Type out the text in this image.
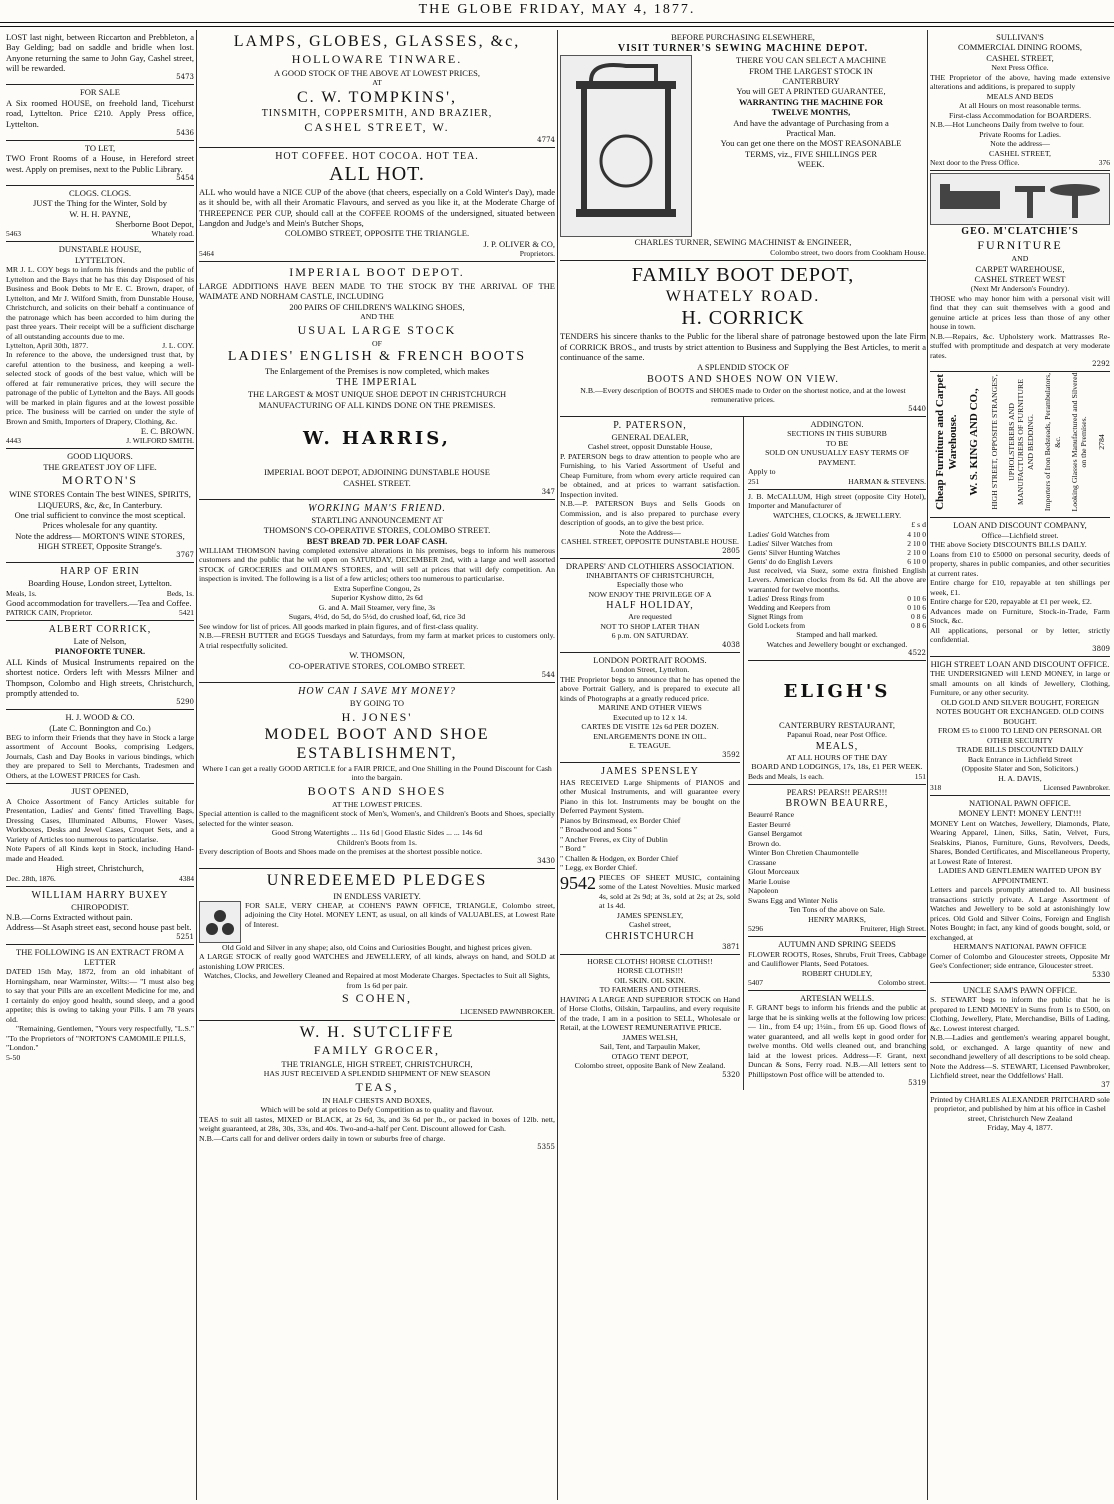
THE GLOBE FRIDAY, MAY 4, 1877.

LOST last night, between Riccarton and Prebbleton, a Bay Gelding; bad on saddle and bridle when lost. Anyone returning the same to John Gay, Cashel street, will be rewarded.

5473

FOR SALE

A Six roomed HOUSE, on freehold land, Ticehurst road, Lyttelton. Price £210. Apply Press office, Lyttelton.

5436

TO LET,

TWO Front Rooms of a House, in Hereford street west. Apply on premises, next to the Public Library.

5454

CLOGS. CLOGS.

JUST the Thing for the Winter, Sold by

W. H. H. PAYNE,

Sherborne Boot Depot,

5463	Whately road.

DUNSTABLE HOUSE,

LYTTELTON.

MR J. L. COY begs to inform his friends and the public of Lyttelton and the Bays that he has this day Disposed of his Business and Book Debts to Mr E. C. Brown, draper, of Lyttelton, and Mr J. Wilford Smith, from Dunstable House, Christchurch, and solicits on their behalf a continuance of the patronage which has been accorded to him during the past three years. Their receipt will be a sufficient discharge of all outstanding accounts due to me.

Lyttelton, April 30th, 1877.	J. L. COY.

In reference to the above, the undersigned trust that, by careful attention to the business, and keeping a well-selected stock of goods of the best value, which will be offered at fair remunerative prices, they will secure the patronage of the public of Lyttelton and the Bays. All goods will be marked in plain figures and at the lowest possible price. The business will be carried on under the style of Brown and Smith, Importers of Drapery, Clothing, &c.

E. C. BROWN.

4443	J. WILFORD SMITH.

GOOD LIQUORS.

THE GREATEST JOY OF LIFE.

MORTON'S

WINE STORES Contain The best WINES, SPIRITS, LIQUEURS, &c, &c, In Canterbury.

One trial sufficient to convince the most sceptical. Prices wholesale for any quantity.

Note the address— MORTON'S WINE STORES, HIGH STREET, Opposite Strange's.

3767

HARP OF ERIN

Boarding House, London street, Lyttelton.

Meals, 1s.	Beds, 1s.

Good accommodation for travellers.—Tea and Coffee.

PATRICK CAIN, Proprietor.	5421

ALBERT CORRICK,

Late of Nelson,

PIANOFORTE TUNER.

ALL Kinds of Musical Instruments repaired on the shortest notice. Orders left with Messrs Milner and Thompson, Colombo and High streets, Christchurch, promptly attended to.

5290

H. J. WOOD & CO.

(Late C. Bonnington and Co.)

BEG to inform their Friends that they have in Stock a large assortment of Account Books, comprising Ledgers, Journals, Cash and Day Books in various bindings, which they are prepared to Sell to Merchants, Tradesmen and Others, at the LOWEST PRICES for Cash.

JUST OPENED,

A Choice Assortment of Fancy Articles suitable for Presentation, Ladies' and Gents' fitted Travelling Bags, Dressing Cases, Illuminated Albums, Flower Vases, Workboxes, Desks and Jewel Cases, Croquet Sets, and a Variety of Articles too numerous to particularise.

Note Papers of all Kinds kept in Stock, including Hand-made and Headed.

High street, Christchurch,

Dec. 28th, 1876.	4384

WILLIAM HARRY BUXEY

CHIROPODIST.

N.B.—Corns Extracted without pain.

Address—St Asaph street east, second house past belt.

5251

THE FOLLOWING IS AN EXTRACT FROM A LETTER

DATED 15th May, 1872, from an old inhabitant of Horningsham, near Warminster, Wilts:— "I must also beg to say that your Pills are an excellent Medicine for me, and I certainly do enjoy good health, sound sleep, and a good appetite; this is owing to taking your Pills. I am 78 years old.

"Remaining, Gentlemen, "Yours very respectfully, "L.S."

"To the Proprietors of "NORTON'S CAMOMILE PILLS, "London."

5-50

LAMPS, GLOBES, GLASSES, &c,

HOLLOWARE TINWARE.

A GOOD STOCK OF THE ABOVE AT LOWEST PRICES,

AT

C. W. TOMPKINS',

TINSMITH, COPPERSMITH, AND BRAZIER,

CASHEL STREET, W.

4774

HOT COFFEE. HOT COCOA. HOT TEA.

ALL HOT.

ALL who would have a NICE CUP of the above (that cheers, especially on a Cold Winter's Day), made as it should be, with all their Aromatic Flavours, and served as you like it, at the Moderate Charge of THREEPENCE PER CUP, should call at the COFFEE ROOMS of the undersigned, situated between Langdon and Judge's and Mein's Butcher Shops,

COLOMBO STREET, OPPOSITE THE TRIANGLE.

J. P. OLIVER & CO,

5464	Proprietors.

IMPERIAL BOOT DEPOT.

LARGE ADDITIONS HAVE BEEN MADE TO THE STOCK BY THE ARRIVAL OF THE WAIMATE AND NORHAM CASTLE, INCLUDING

200 PAIRS OF CHILDREN'S WALKING SHOES,

AND THE

USUAL LARGE STOCK

OF

LADIES' ENGLISH & FRENCH BOOTS

The Enlargement of the Premises is now completed, which makes

THE IMPERIAL

THE LARGEST & MOST UNIQUE SHOE DEPOT IN CHRISTCHURCH

MANUFACTURING OF ALL KINDS DONE ON THE PREMISES.

W. HARRIS,

IMPERIAL BOOT DEPOT, ADJOINING DUNSTABLE HOUSE

CASHEL STREET.

347

WORKING MAN'S FRIEND.

STARTLING ANNOUNCEMENT AT

THOMSON'S CO-OPERATIVE STORES, COLOMBO STREET.

BEST BREAD 7D. PER LOAF CASH.

WILLIAM THOMSON having completed extensive alterations in his premises, begs to inform his numerous customers and the public that he will open on SATURDAY, DECEMBER 2nd, with a large and well assorted STOCK of GROCERIES and OILMAN'S STORES, and will sell at prices that will defy competition. An inspection is invited. The following is a list of a few articles; others too numerous to particularise.

Extra Superfine Congou, 2s

Superior Kyshow ditto, 2s 6d

G. and A. Mail Steamer, very fine, 3s

Sugars, 4½d, do 5d, do 5½d, do crushed loaf, 6d, rice 3d

See window for list of prices. All goods marked in plain figures, and of first-class quality.

N.B.—FRESH BUTTER and EGGS Tuesdays and Saturdays, from my farm at market prices to customers only. A trial respectfully solicited.

W. THOMSON,

CO-OPERATIVE STORES, COLOMBO STREET.

544

HOW CAN I SAVE MY MONEY?

BY GOING TO

H. JONES'

MODEL BOOT AND SHOE

ESTABLISHMENT,

Where I can get a really GOOD ARTICLE for a FAIR PRICE, and One Shilling in the Pound Discount for Cash into the bargain.

BOOTS AND SHOES

AT THE LOWEST PRICES.

Special attention is called to the magnificent stock of Men's, Women's, and Children's Boots and Shoes, specially selected for the winter season.

Good Strong Watertights ... 11s 6d | Good Elastic Sides ... ... 14s 6d

Children's Boots from 1s.

Every description of Boots and Shoes made on the premises at the shortest possible notice.

3430

UNREDEEMED PLEDGES

IN ENDLESS VARIETY.

FOR SALE, VERY CHEAP, at COHEN'S PAWN OFFICE, TRIANGLE, Colombo street, adjoining the City Hotel. MONEY LENT, as usual, on all kinds of VALUABLES, at Lowest Rate of Interest.

Old Gold and Silver in any shape; also, old Coins and Curiosities Bought, and highest prices given.

A LARGE STOCK of really good WATCHES and JEWELLERY, of all kinds, always on hand, and SOLD at astonishing LOW PRICES.

Watches, Clocks, and Jewellery Cleaned and Repaired at most Moderate Charges. Spectacles to Suit all Sights, from 1s 6d per pair.

S COHEN,

LICENSED PAWNBROKER.

W. H. SUTCLIFFE

FAMILY GROCER,

THE TRIANGLE, HIGH STREET, CHRISTCHURCH,

HAS JUST RECEIVED A SPLENDID SHIPMENT OF NEW SEASON

TEAS,

IN HALF CHESTS AND BOXES,

Which will be sold at prices to Defy Competition as to quality and flavour.

TEAS to suit all tastes, MIXED or BLACK, at 2s 6d, 3s, and 3s 6d per lb., or packed in boxes of 12lb. nett, weight guaranteed, at 28s, 30s, 33s, and 40s. Two-and-a-half per Cent. Discount allowed for Cash.

N.B.—Carts call for and deliver orders daily in town or suburbs free of charge.

5355

BEFORE PURCHASING ELSEWHERE,

VISIT TURNER'S SEWING MACHINE DEPOT.

THERE YOU CAN SELECT A MACHINE

FROM THE LARGEST STOCK IN

CANTERBURY

You will GET A PRINTED GUARANTEE,

WARRANTING THE MACHINE FOR

TWELVE MONTHS,

And have the advantage of Purchasing from a

Practical Man.

You can get one there on the MOST REASONABLE

TERMS, viz., FIVE SHILLINGS PER

WEEK.

CHARLES TURNER, SEWING MACHINIST & ENGINEER,

Colombo street, two doors from Cookham House.

FAMILY BOOT DEPOT,

WHATELY ROAD.

H. CORRICK

TENDERS his sincere thanks to the Public for the liberal share of patronage bestowed upon the late Firm of CORRICK BROS., and trusts by strict attention to Business and Supplying the Best Articles, to merit a continuance of the same.

A SPLENDID STOCK OF

BOOTS AND SHOES NOW ON VIEW.

N.B.—Every description of BOOTS and SHOES made to Order on the shortest notice, and at the lowest remunerative prices.

5440

P. PATERSON,

GENERAL DEALER,

Cashel street, opposit Dunstable House,

P. PATERSON begs to draw attention to people who are Furnishing, to his Varied Assortment of Useful and Cheap Furniture, from whom every article required can be obtained, and at prices to warrant satisfaction. Inspection invited.

N.B.—P. PATERSON Buys and Sells Goods on Commission, and is also prepared to purchase every description of goods, an to give the best price.

Note the Address—

CASHEL STREET, OPPOSITE DUNSTABLE HOUSE.

2805

DRAPERS' AND CLOTHIERS ASSOCIATION.

INHABITANTS OF CHRISTCHURCH,

Especially those who

NOW ENJOY THE PRIVILEGE OF A

HALF HOLIDAY,

Are requested

NOT TO SHOP LATER THAN

6 p.m. ON SATURDAY.

4038

LONDON PORTRAIT ROOMS.

London Street, Lyttelton.

THE Proprietor begs to announce that he has opened the above Portrait Gallery, and is prepared to execute all kinds of Photographs at a greatly reduced price.

MARINE AND OTHER VIEWS

Executed up to 12 x 14.

CARTES DE VISITE 12s 6d PER DOZEN.

ENLARGEMENTS DONE IN OIL.

E. TEAGUE.

3592

JAMES SPENSLEY

HAS RECEIVED Large Shipments of PIANOS and other Musical Instruments, and will guarantee every Piano in this lot. Instruments may be bought on the Deferred Payment System.

Pianos by Brinsmead, ex Border Chief

" Broadwood and Sons "

" Ancher Freres, ex City of Dublin

" Bord "

" Challen & Hodgen, ex Border Chief

" Legg, ex Border Chief.

9542 PIECES OF SHEET MUSIC, containing some of the Latest Novelties. Music marked 4s, sold at 2s 9d; at 3s, sold at 2s; at 2s, sold at 1s 4d.

JAMES SPENSLEY,

Cashel street,

CHRISTCHURCH

3871

HORSE CLOTHS! HORSE CLOTHS!!

HORSE CLOTHS!!!

OIL SKIN. OIL SKIN.

TO FARMERS AND OTHERS.

HAVING A LARGE AND SUPERIOR STOCK on Hand of Horse Cloths, Oilskin, Tarpaulins, and every requisite of the trade, I am in a position to SELL, Wholesale or Retail, at the LOWEST REMUNERATIVE PRICE.

JAMES WELSH,

Sail, Tent, and Tarpaulin Maker,

OTAGO TENT DEPOT,

Colombo street, opposite Bank of New Zealand.

5320

ADDINGTON.

SECTIONS IN THIS SUBURB

TO BE

SOLD ON UNUSUALLY EASY TERMS OF PAYMENT.

Apply to

251	HARMAN & STEVENS.

J. B. McCALLUM, High street (opposite City Hotel), Importer and Manufacturer of

WATCHES, CLOCKS, & JEWELLERY.

£ s d

Ladies' Gold Watches from	4 10 0
Ladies' Silver Watches from	2 10 0
Gents' Silver Hunting Watches	2 10 0
Gents' do do English Levers	6 10 0

Just received, via Suez, some extra finished English Levers. American clocks from 8s 6d. All the above are warranted for twelve months.

Ladies' Dress Rings from	0 10 6
Wedding and Keepers from	0 10 6
Signet Rings from	0 8 6
Gold Lockets from	0 8 6

Stamped and hall marked.

Watches and Jewellery bought or exchanged.

4522

ELIGH'S

CANTERBURY RESTAURANT,

Papanui Road, near Post Office.

MEALS,

AT ALL HOURS OF THE DAY

BOARD AND LODGINGS, 17s, 18s, £1 PER WEEK.

Beds and Meals, 1s each.	151

PEARS! PEARS!! PEARS!!!

BROWN BEAURRE,

Beaurré Rance

Easter Beurré

Gansel Bergamot

Brown do.

Winter Bon Chretien Chaumontelle

Crassane

Glout Morceaux

Marie Louise

Napoleon

Swans Egg and Winter Nelis

Ten Tons of the above on Sale.

HENRY MARKS,

5296	Fruiterer, High Street.

AUTUMN AND SPRING SEEDS

FLOWER ROOTS, Roses, Shrubs, Fruit Trees, Cabbage and Cauliflower Plants, Seed Potatoes.

ROBERT CHUDLEY,

5407	Colombo street.

ARTESIAN WELLS.

F. GRANT begs to inform his friends and the public at large that he is sinking wells at the following low prices:— 1in., from £4 up; 1½in., from £6 up. Good flows of water guaranteed, and all wells kept in good order for twelve months. Old wells cleaned out, and branching laid at the lowest prices. Address—F. Grant, next Duncan & Sons, Ferry road. N.B.—All letters sent to Phillipstown Post office will be attended to.

5319

SULLIVAN'S

COMMERCIAL DINING ROOMS,

CASHEL STREET,

Next Press Office.

THE Proprietor of the above, having made extensive alterations and additions, is prepared to supply

MEALS AND BEDS

At all Hours on most reasonable terms.

First-class Accommodation for BOARDERS.

N.B.—Hot Luncheons Daily from twelve to four.

Private Rooms for Ladies.

Note the address—

CASHEL STREET,

Next door to the Press Office.	376

GEO. M'CLATCHIE'S

FURNITURE

AND

CARPET WAREHOUSE,

CASHEL STREET WEST

(Next Mr Anderson's Foundry).

THOSE who may honor him with a personal visit will find that they can suit themselves with a good and genuine article at prices less than those of any other house in town.

N.B.—Repairs, &c. Upholstery work. Mattrasses Re-stuffed with promptitude and despatch at very moderate rates.

2292

Cheap Furniture and Carpet Warehouse. W. S. KING AND CO., HIGH STREET, OPPOSITE STRANGES', UPHOLSTERERS AND MANUFACTURERS OF FURNITURE AND BEDDING. Importers of Iron Bedsteads, Perambulators, &c. Looking Glasses Manufactured and Silvered on the Premises. 2784

LOAN AND DISCOUNT COMPANY,

Office—Lichfield street.

THE above Society DISCOUNTS BILLS DAILY.

Loans from £10 to £5000 on personal security, deeds of property, shares in public companies, and other securities at current rates.

Entire charge for £10, repayable at ten shillings per week, £1.

Entire charge for £20, repayable at £1 per week, £2.

Advances made on Furniture, Stock-in-Trade, Farm Stock, &c.

All applications, personal or by letter, strictly confidential.

3809

HIGH STREET LOAN AND DISCOUNT OFFICE.

THE UNDERSIGNED will LEND MONEY, in large or small amounts on all kinds of Jewellery, Clothing, Furniture, or any other security.

OLD GOLD AND SILVER BOUGHT, FOREIGN NOTES BOUGHT OR EXCHANGED. OLD COINS BOUGHT.

FROM £5 to £1000 TO LEND ON PERSONAL OR OTHER SECURITY

TRADE BILLS DISCOUNTED DAILY

Back Entrance in Lichfield Street

(Opposite Slater and Son, Solicitors.)

H. A. DAVIS,

318	Licensed Pawnbroker.

NATIONAL PAWN OFFICE.

MONEY LENT! MONEY LENT!!!

MONEY Lent on Watches, Jewellery, Diamonds, Plate, Wearing Apparel, Linen, Silks, Satin, Velvet, Furs, Sealskins, Pianos, Furniture, Guns, Revolvers, Deeds, Shares, Bonded Certificates, and Miscellaneous Property, at Lowest Rate of Interest.

LADIES AND GENTLEMEN WAITED UPON BY APPOINTMENT.

Letters and parcels promptly attended to. All business transactions strictly private. A Large Assortment of Watches and Jewellery to be sold at astonishingly low prices. Old Gold and Silver Coins, Foreign and English Notes Bought; in fact, any kind of goods bought, sold, or exchanged, at

HERMAN'S NATIONAL PAWN OFFICE

Corner of Colombo and Gloucester streets, Opposite Mr Gee's Confectioner; side entrance, Gloucester street.

5330

UNCLE SAM'S PAWN OFFICE.

S. STEWART begs to inform the public that he is prepared to LEND MONEY in Sums from 1s to £500, on Clothing, Jewellery, Plate, Merchandise, Bills of Lading, &c. Lowest interest charged.

N.B.—Ladies and gentlemen's wearing apparel bought, sold, or exchanged. A large quantity of new and secondhand jewellery of all descriptions to be sold cheap.

Note the Address—S. STEWART, Licensed Pawnbroker, Lichfield street, near the Oddfellows' Hall.

37

Printed by CHARLES ALEXANDER PRITCHARD sole proprietor, and published by him at his office in Cashel street, Christchurch New Zealand

Friday, May 4, 1877.
